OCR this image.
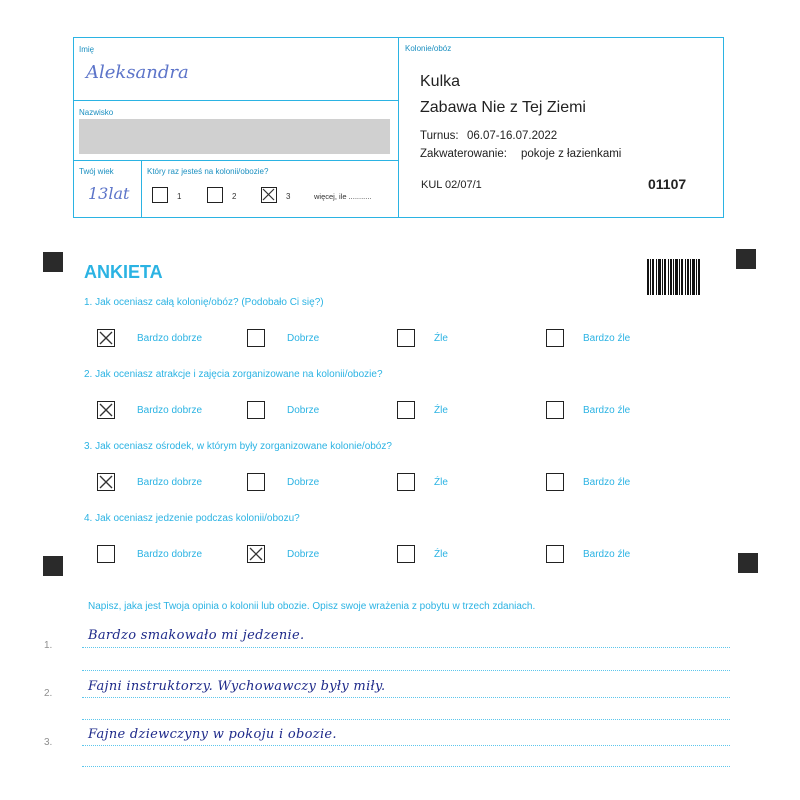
Imię
Aleksandra
Nazwisko
Twój wiek
13lat
Który raz jesteś na kolonii/obozie?
1	2	3	więcej, ile ...........
Kolonie/obóz
Kulka
Zabawa Nie z Tej Ziemi
Turnus: 06.07-16.07.2022
Zakwaterowanie: pokoje z łazienkami
KUL 02/07/1	01107
ANKIETA
1. Jak oceniasz całą kolonię/obóz? (Podobało Ci się?)
Bardzo dobrze	Dobrze	Źle	Bardzo źle
2. Jak oceniasz atrakcje i zajęcia zorganizowane na kolonii/obozie?
Bardzo dobrze	Dobrze	Źle	Bardzo źle
3. Jak oceniasz ośrodek, w którym były zorganizowane kolonie/obóz?
Bardzo dobrze	Dobrze	Źle	Bardzo źle
4. Jak oceniasz jedzenie podczas kolonii/obozu?
Bardzo dobrze	Dobrze	Źle	Bardzo źle
Napisz, jaka jest Twoja opinia o kolonii lub obozie. Opisz swoje wrażenia z pobytu w trzech zdaniach.
1.
Bardzo smakowało mi jedzenie.
2.	Fajni instruktorzy. Wychowawczy były miły.
3.
Fajne dziewczyny w pokoju i obozie.
